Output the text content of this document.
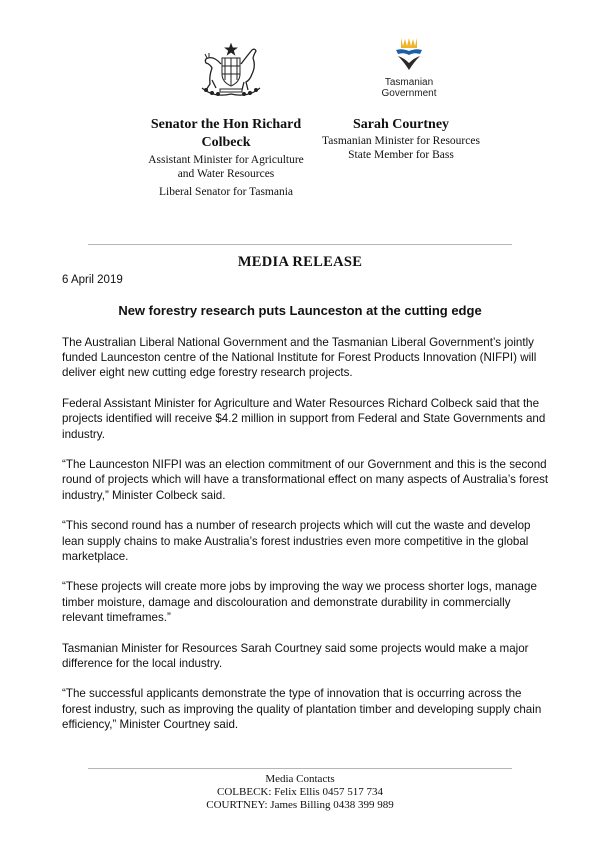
Tasmanian
Government
Senator the Hon Richard Colbeck
Assistant Minister for Agriculture and Water Resources
Liberal Senator for Tasmania
Sarah Courtney
Tasmanian Minister for Resources
State Member for Bass
MEDIA RELEASE
6 April 2019
New forestry research puts Launceston at the cutting edge

The Australian Liberal National Government and the Tasmanian Liberal Government’s jointly funded Launceston centre of the National Institute for Forest Products Innovation (NIFPI) will deliver eight new cutting edge forestry research projects.

Federal Assistant Minister for Agriculture and Water Resources Richard Colbeck said that the projects identified will receive $4.2 million in support from Federal and State Governments and industry.

“The Launceston NIFPI was an election commitment of our Government and this is the second round of projects which will have a transformational effect on many aspects of Australia’s forest industry,” Minister Colbeck said.

“This second round has a number of research projects which will cut the waste and develop lean supply chains to make Australia’s forest industries even more competitive in the global marketplace.

“These projects will create more jobs by improving the way we process shorter logs, manage timber moisture, damage and discolouration and demonstrate durability in commercially relevant timeframes.”

Tasmanian Minister for Resources Sarah Courtney said some projects would make a major difference for the local industry.

“The successful applicants demonstrate the type of innovation that is occurring across the forest industry, such as improving the quality of plantation timber and developing supply chain efficiency,” Minister Courtney said.

Media Contacts
COLBECK: Felix Ellis 0457 517 734
COURTNEY: James Billing 0438 399 989
